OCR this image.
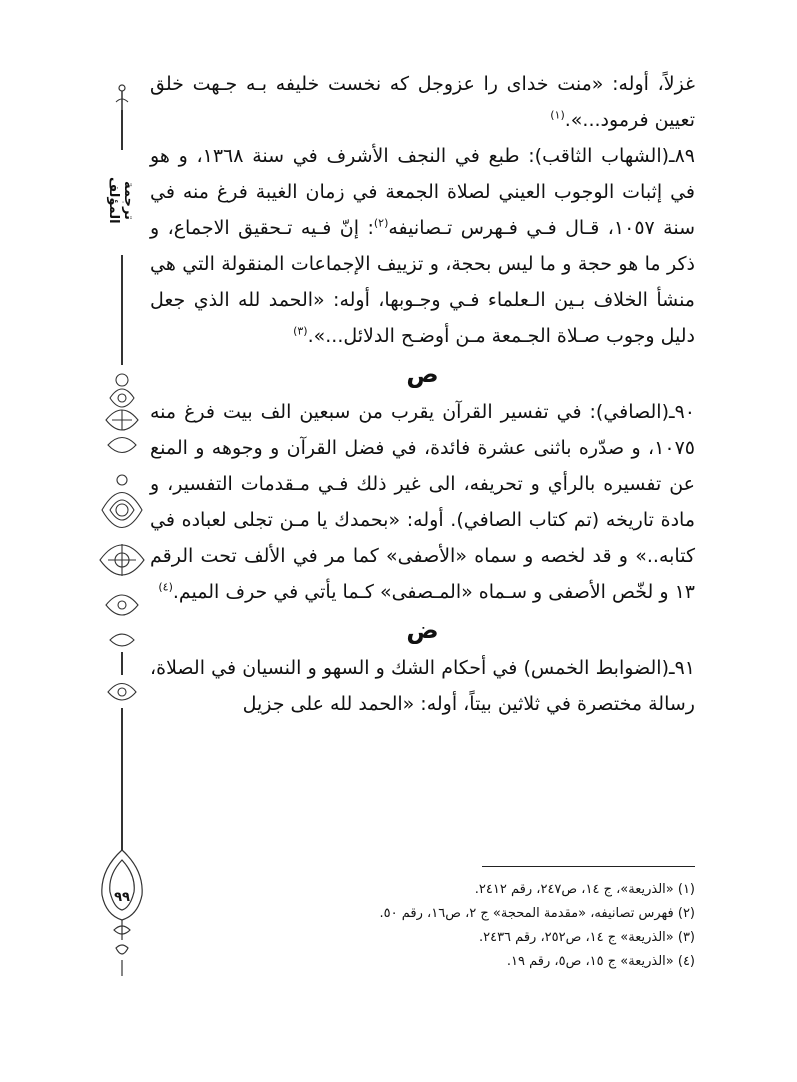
ترجمة المؤلف
٩٩

غزلاً، أوله: «منت خداى را عزوجل كه نخست خليفه بـه جـهت خلق تعيين فرمود...».$^{(١)}$

٨٩ـ(الشهاب الثاقب): طبع في النجف الأشرف في سنة ١٣٦٨، و هو في إثبات الوجوب العيني لصلاة الجمعة في زمان الغيبة فرغ منه في سنة ١٠٥٧، قـال فـي فـهرس تـصانيفه$^{(٢)}$: إنّ فـيه تـحقيق الاجماع، و ذكر ما هو حجة و ما ليس بحجة، و تزييف الإجماعات المنقولة التي هي منشأ الخلاف بـين الـعلماء فـي وجـوبها، أوله: «الحمد لله الذي جعل دليل وجوب صـلاة الجـمعة مـن أوضـح الدلائل...».$^{(٣)}$

ص

٩٠ـ(الصافي): في تفسير القرآن يقرب من سبعين الف بيت فرغ منه ١٠٧٥، و صدّره باثنى عشرة فائدة، في فضل القرآن و وجوهه و المنع عن تفسيره بالرأي و تحريفه، الى غير ذلك فـي مـقدمات التفسير، و مادة تاريخه (تم كتاب الصافي). أوله: «بحمدك يا مـن تجلى لعباده في كتابه..» و قد لخصه و سماه «الأصفى» كما مر في الألف تحت الرقم ١٣ و لخّص الأصفى و سـماه «المـصفى» كـما يأتي في حرف الميم.$^{(٤)}$

ض

٩١ـ(الضوابط الخمس) في أحكام الشك و السهو و النسيان في الصلاة، رسالة مختصرة في ثلاثين بيتاً، أوله: «الحمد لله على جزيل

(١) «الذريعة»، ج ١٤، ص٢٤٧، رقم ٢٤١٢.
(٢) فهرس تصانيفه، «مقدمة المحجة» ج ٢، ص١٦، رقم ٥٠.
(٣) «الذريعة» ج ١٤، ص٢٥٢، رقم ٢٤٣٦.
(٤) «الذريعة» ج ١٥، ص٥، رقم ١٩.
